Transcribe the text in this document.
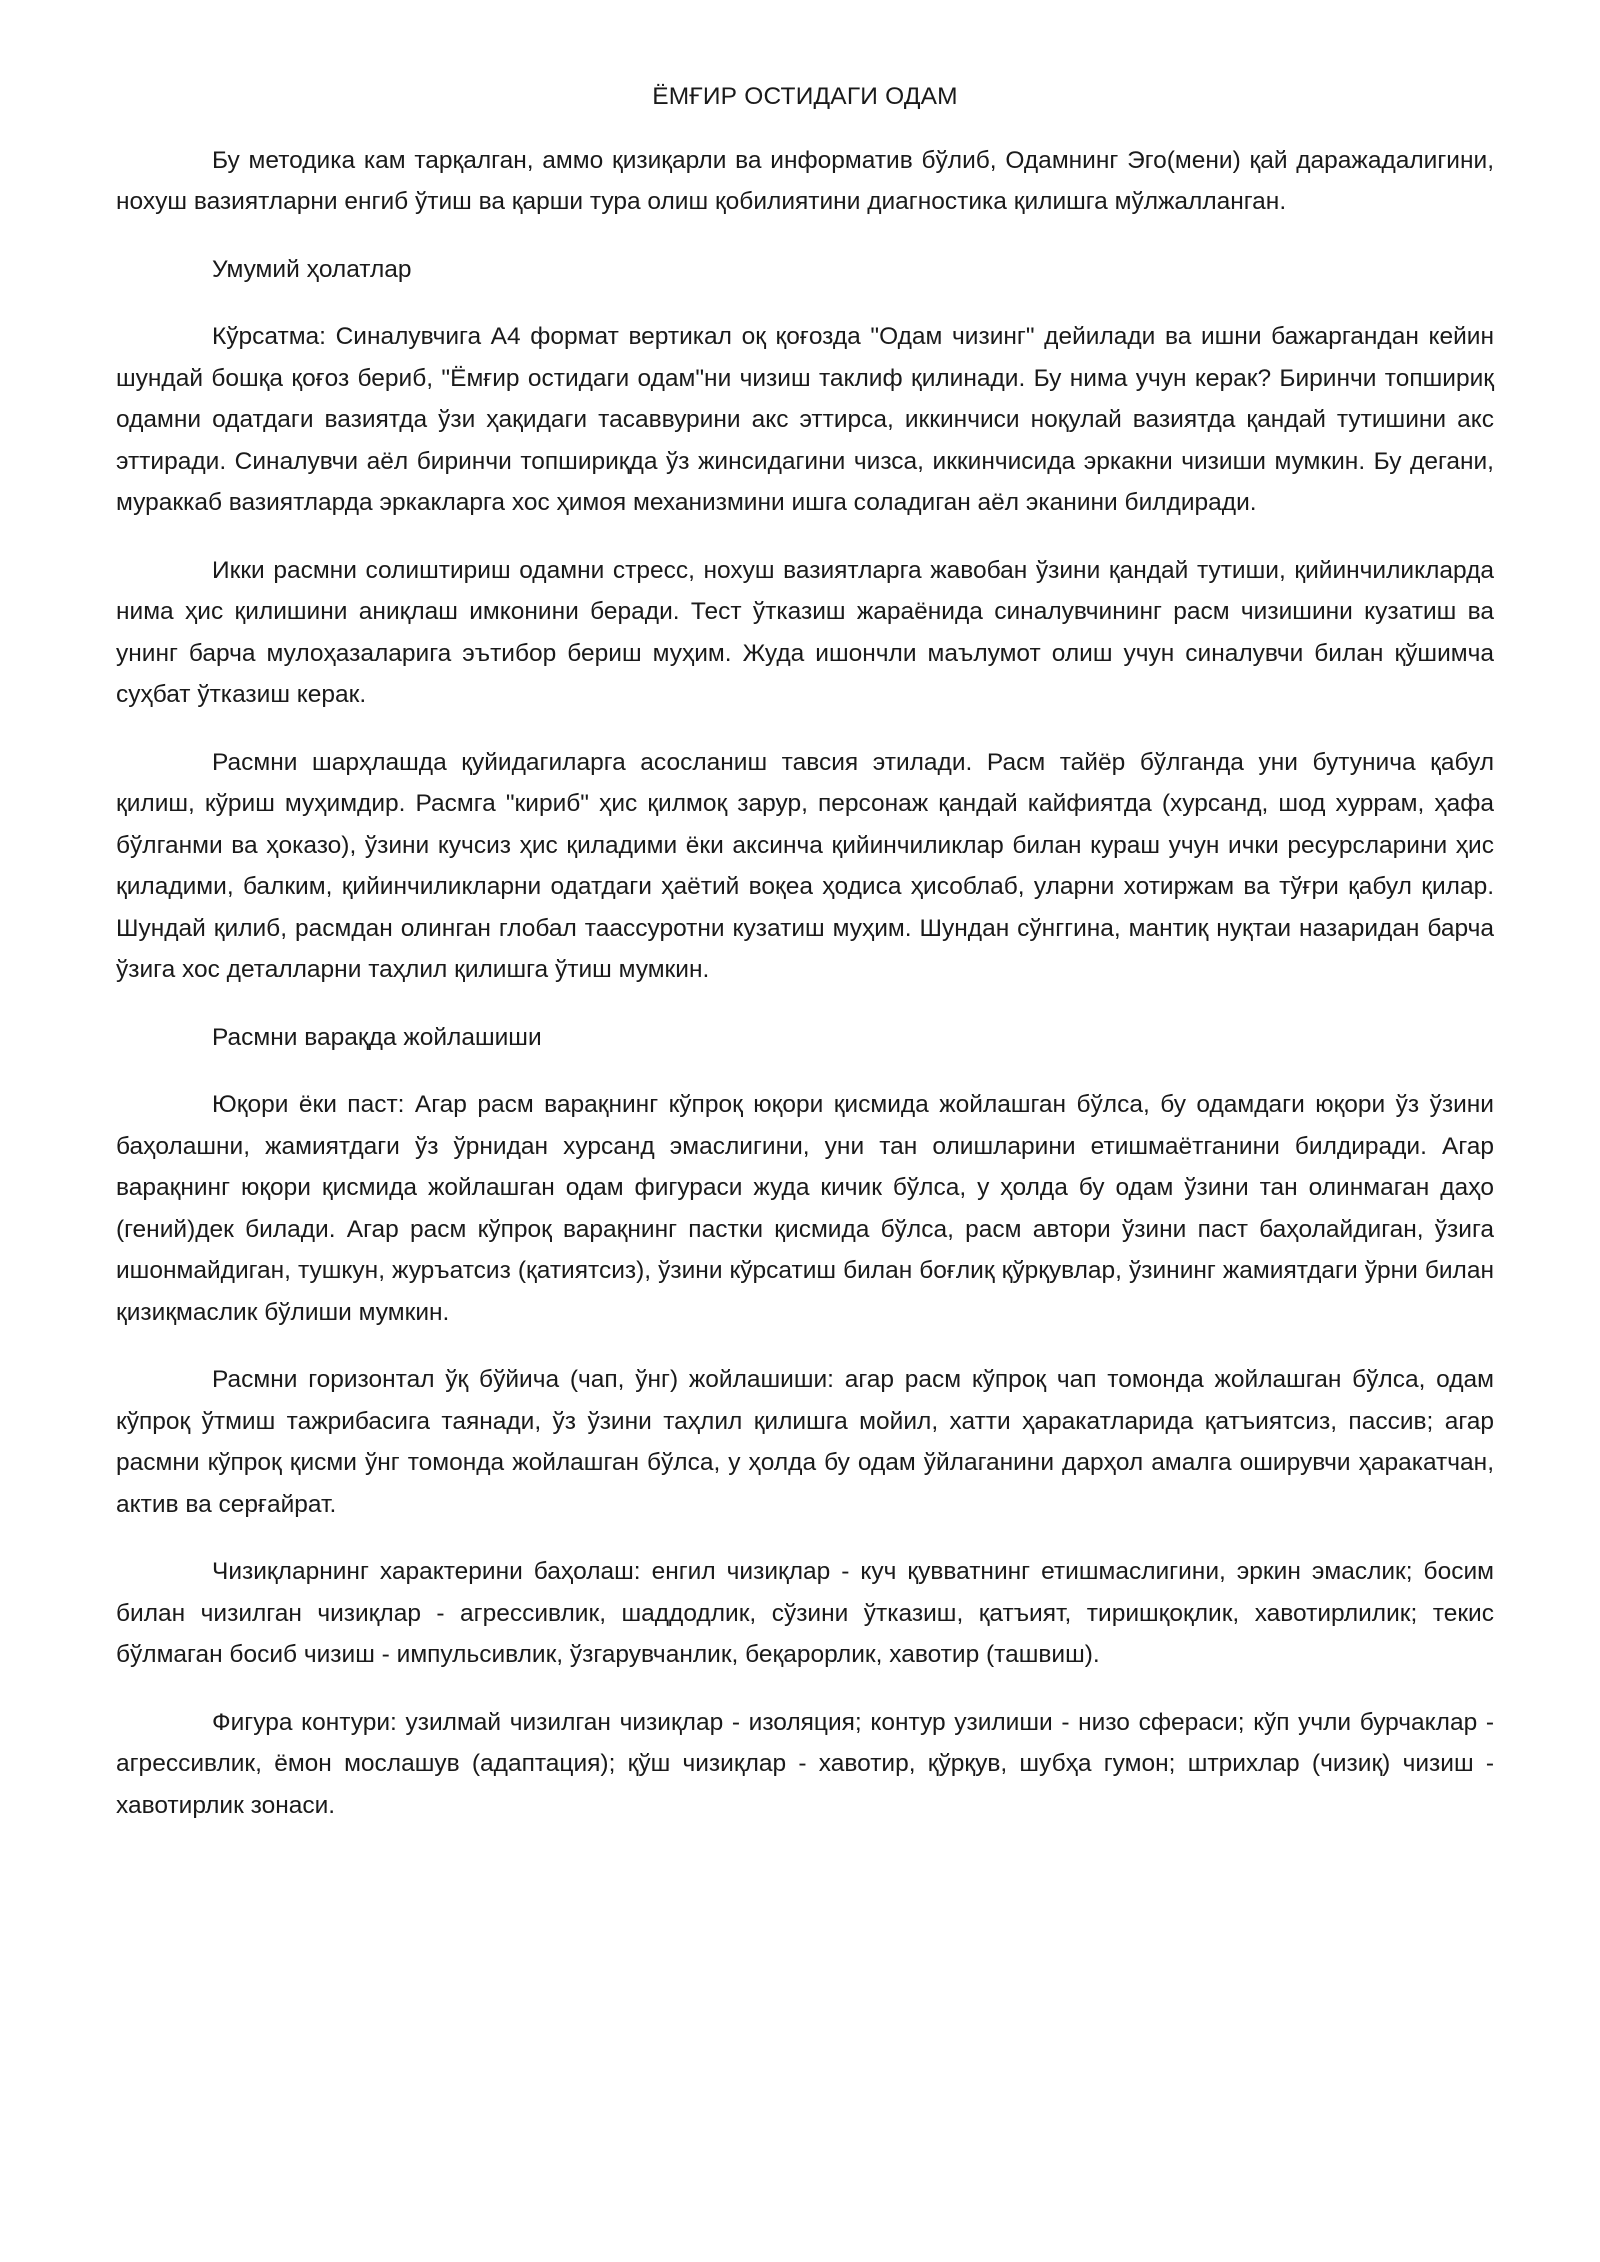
ЁМҒИР ОСТИДАГИ ОДАМ

Бу методика кам тарқалган, аммо қизиқарли ва информатив бўлиб, Одамнинг Эго(мени) қай даражадалигини, нохуш вазиятларни енгиб ўтиш ва қарши тура олиш қобилиятини диагностика қилишга мўлжалланган.

Умумий ҳолатлар

Кўрсатма: Синалувчига А4 формат вертикал оқ қоғозда "Одам чизинг" дейилади ва ишни бажаргандан кейин шундай бошқа қоғоз бериб, "Ёмғир остидаги одам"ни чизиш таклиф қилинади. Бу нима учун керак? Биринчи топшириқ одамни одатдаги вазиятда ўзи ҳақидаги тасаввурини акс эттирса, иккинчиси ноқулай вазиятда қандай тутишини акс эттиради. Синалувчи аёл биринчи топшириқда ўз жинсидагини чизса, иккинчисида эркакни чизиши мумкин. Бу дегани, мураккаб вазиятларда эркакларга хос ҳимоя механизмини ишга соладиган аёл эканини билдиради.

Икки расмни солиштириш одамни стресс, нохуш вазиятларга жавобан ўзини қандай тутиши, қийинчиликларда нима ҳис қилишини аниқлаш имконини беради. Тест ўтказиш жараёнида синалувчининг расм чизишини кузатиш ва унинг барча мулоҳазаларига эътибор бериш муҳим. Жуда ишончли маълумот олиш учун синалувчи билан қўшимча суҳбат ўтказиш керак.

Расмни шарҳлашда қуйидагиларга асосланиш тавсия этилади. Расм тайёр бўлганда уни бутунича қабул қилиш, кўриш муҳимдир. Расмга "кириб" ҳис қилмоқ зарур, персонаж қандай кайфиятда (хурсанд, шод хуррам, ҳафа бўлганми ва ҳоказо), ўзини кучсиз ҳис қиладими ёки аксинча қийинчиликлар билан кураш учун ички ресурсларини ҳис қиладими, балким, қийинчиликларни одатдаги ҳаётий воқеа ҳодиса ҳисоблаб, уларни хотиржам ва тўғри қабул қилар. Шундай қилиб, расмдан олинган глобал таассуротни кузатиш муҳим. Шундан сўнггина, мантиқ нуқтаи назаридан барча ўзига хос деталларни таҳлил қилишга ўтиш мумкин.

Расмни варақда жойлашиши

Юқори ёки паст: Агар расм варақнинг кўпроқ юқори қисмида жойлашган бўлса, бу одамдаги юқори ўз ўзини баҳолашни, жамиятдаги ўз ўрнидан хурсанд эмаслигини, уни тан олишларини етишмаётганини билдиради. Агар варақнинг юқори қисмида жойлашган одам фигураси жуда кичик бўлса, у ҳолда бу одам ўзини тан олинмаган даҳо (гений)дек билади. Агар расм кўпроқ варақнинг пастки қисмида бўлса, расм автори ўзини паст баҳолайдиган, ўзига ишонмайдиган, тушкун, журъатсиз (қатиятсиз), ўзини кўрсатиш билан боғлиқ қўрқувлар, ўзининг жамиятдаги ўрни билан қизиқмаслик бўлиши мумкин.

Расмни горизонтал ўқ бўйича (чап, ўнг) жойлашиши: агар расм кўпроқ чап томонда жойлашган бўлса, одам кўпроқ ўтмиш тажрибасига таянади, ўз ўзини таҳлил қилишга мойил, хатти ҳаракатларида қатъиятсиз, пассив; агар расмни кўпроқ қисми ўнг томонда жойлашган бўлса, у ҳолда бу одам ўйлаганини дарҳол амалга оширувчи ҳаракатчан, актив ва серғайрат.

Чизиқларнинг характерини баҳолаш: енгил чизиқлар - куч қувватнинг етишмаслигини, эркин эмаслик; босим билан чизилган чизиқлар - агрессивлик, шаддодлик, сўзини ўтказиш, қатъият, тиришқоқлик, хавотирлилик; текис бўлмаган босиб чизиш - импульсивлик, ўзгарувчанлик, беқарорлик, хавотир (ташвиш).

Фигура контури: узилмай чизилган чизиқлар - изоляция; контур узилиши - низо сфераси; кўп учли бурчаклар - агрессивлик, ёмон мослашув (адаптация); қўш чизиқлар - хавотир, қўрқув, шубҳа гумон; штрихлар (чизиқ) чизиш - хавотирлик зонаси.
